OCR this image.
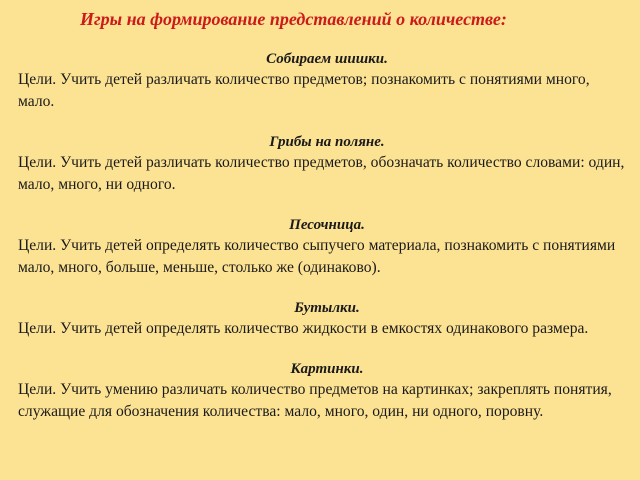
Игры на формирование представлений о количестве:
Собираем шишки.

Цели. Учить детей различать количество предметов; познакомить с понятиями много, мало.

Грибы на поляне.

Цели. Учить детей различать количество предметов, обозначать количество словами: один, мало, много, ни одного.

Песочница.

Цели. Учить детей определять количество сыпучего материала, познакомить с понятиями мало, много, больше, меньше, столько же (одинаково).

Бутылки.

Цели. Учить детей определять количество жидкости в емкостях одинакового размера.

Картинки.

Цели. Учить умению различать количество предметов на картинках; закреплять понятия, служащие для обозначения количества: мало, много, один, ни одного, поровну.
